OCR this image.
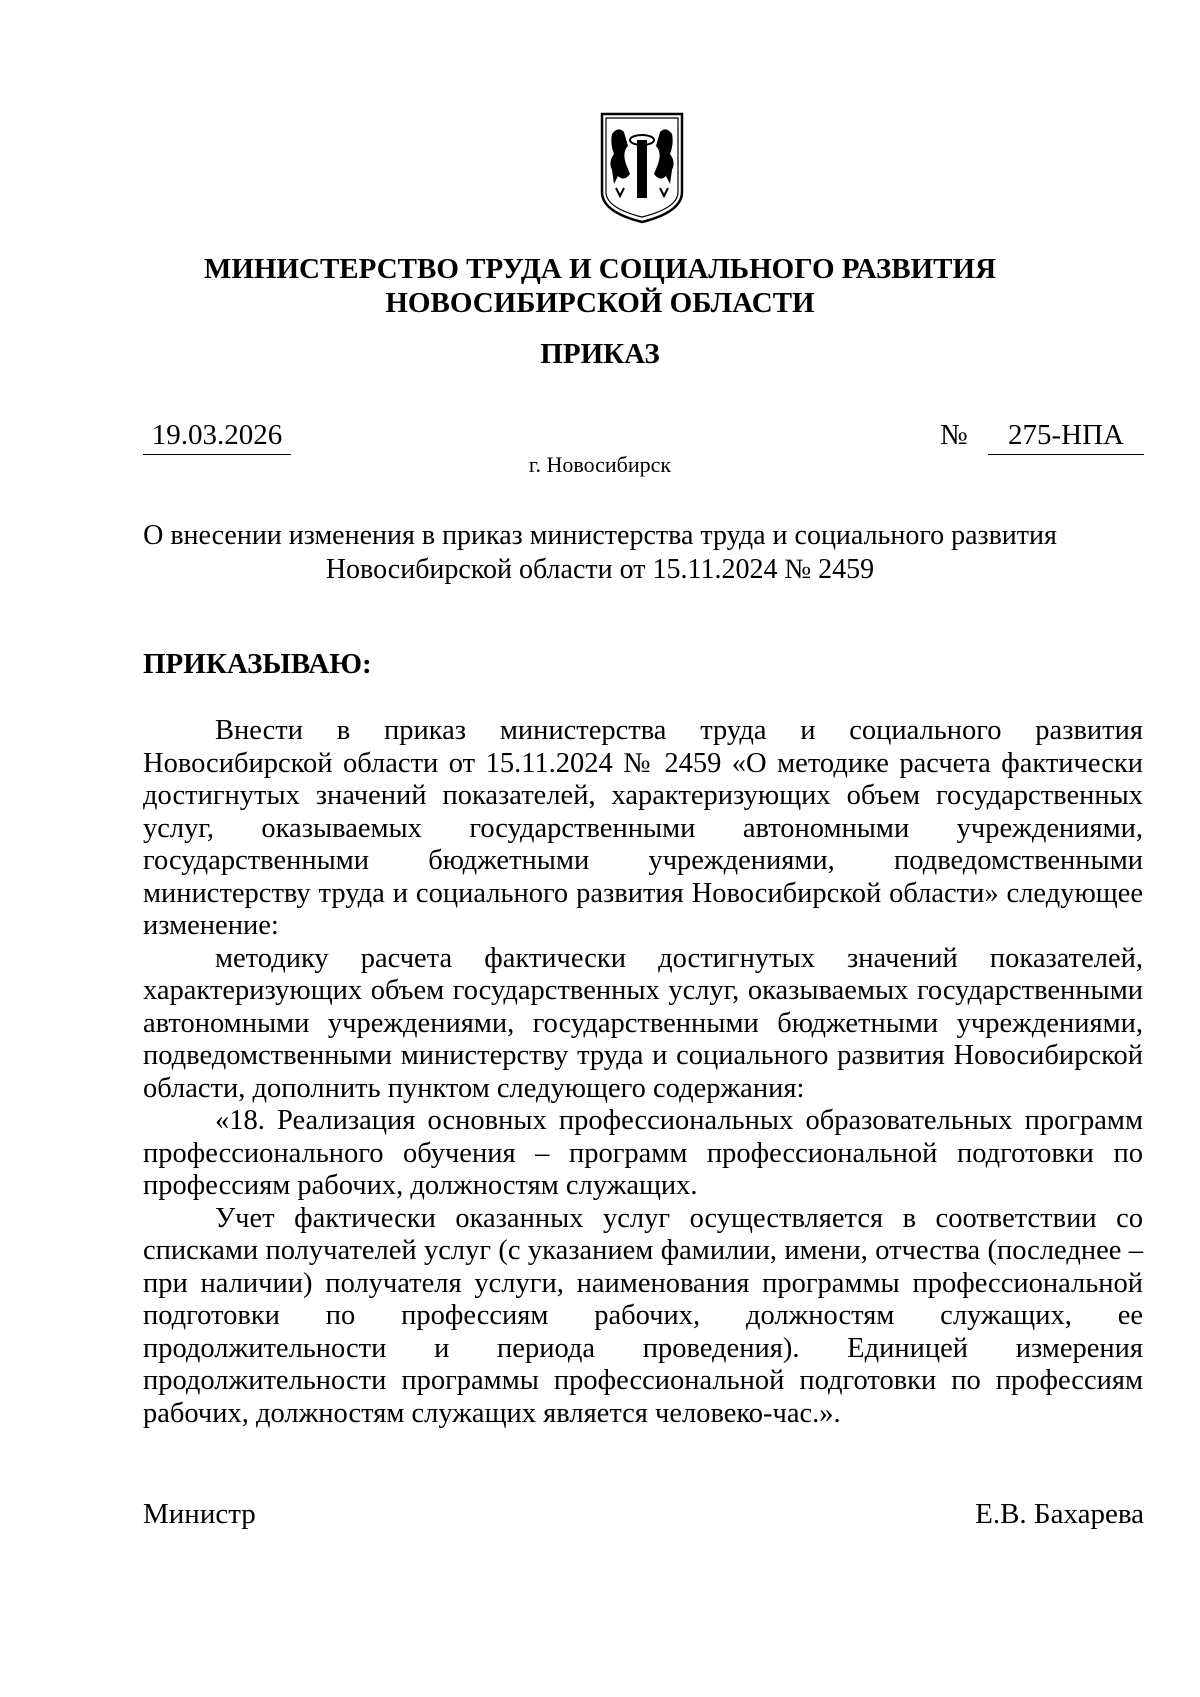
МИНИСТЕРСТВО ТРУДА И СОЦИАЛЬНОГО РАЗВИТИЯ
НОВОСИБИРСКОЙ ОБЛАСТИ
ПРИКАЗ
19.03.2026	№	275-НПА
г. Новосибирск
О внесении изменения в приказ министерства труда и социального развития
Новосибирской области от 15.11.2024 № 2459
ПРИКАЗЫВАЮ:

Внести в приказ министерства труда и социального развития Новосибирской области от 15.11.2024 № 2459 «О методике расчета фактически достигнутых значений показателей, характеризующих объем государственных услуг, оказываемых государственными автономными учреждениями, государственными бюджетными учреждениями, подведомственными министерству труда и социального развития Новосибирской области» следующее изменение:

методику расчета фактически достигнутых значений показателей, характеризующих объем государственных услуг, оказываемых государственными автономными учреждениями, государственными бюджетными учреждениями, подведомственными министерству труда и социального развития Новосибирской области, дополнить пунктом следующего содержания:

«18. Реализация основных профессиональных образовательных программ профессионального обучения – программ профессиональной подготовки по профессиям рабочих, должностям служащих.

Учет фактически оказанных услуг осуществляется в соответствии со списками получателей услуг (с указанием фамилии, имени, отчества (последнее – при наличии) получателя услуги, наименования программы профессиональной подготовки по профессиям рабочих, должностям служащих, ее продолжительности и периода проведения). Единицей измерения продолжительности программы профессиональной подготовки по профессиям рабочих, должностям служащих является человеко-час.».

Министр	Е.В. Бахарева
